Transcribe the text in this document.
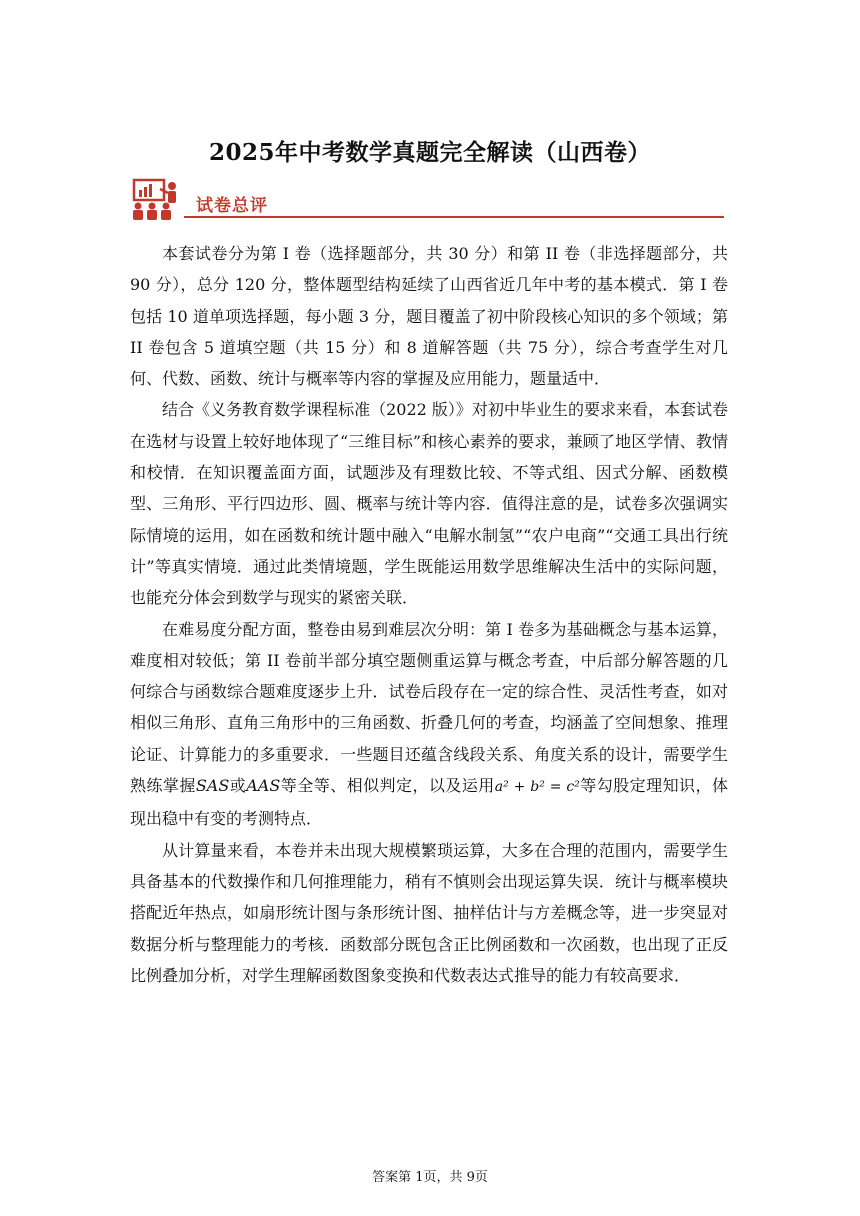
2025年中考数学真题完全解读（山西卷）
试卷总评

本套试卷分为第 I 卷（选择题部分，共 30 分）和第 II 卷（非选择题部分，共 90 分），总分 120 分，整体题型结构延续了山西省近几年中考的基本模式．第 I 卷包括 10 道单项选择题，每小题 3 分，题目覆盖了初中阶段核心知识的多个领域；第 II 卷包含 5 道填空题（共 15 分）和 8 道解答题（共 75 分），综合考查学生对几何、代数、函数、统计与概率等内容的掌握及应用能力，题量适中．

结合《义务教育数学课程标准（2022 版）》对初中毕业生的要求来看，本套试卷在选材与设置上较好地体现了“三维目标”和核心素养的要求，兼顾了地区学情、教情和校情．在知识覆盖面方面，试题涉及有理数比较、不等式组、因式分解、函数模型、三角形、平行四边形、圆、概率与统计等内容．值得注意的是，试卷多次强调实际情境的运用，如在函数和统计题中融入“电解水制氢”“农户电商”“交通工具出行统计”等真实情境．通过此类情境题，学生既能运用数学思维解决生活中的实际问题，也能充分体会到数学与现实的紧密关联．

在难易度分配方面，整卷由易到难层次分明：第 I 卷多为基础概念与基本运算，难度相对较低；第 II 卷前半部分填空题侧重运算与概念考查，中后部分解答题的几何综合与函数综合题难度逐步上升．试卷后段存在一定的综合性、灵活性考查，如对相似三角形、直角三角形中的三角函数、折叠几何的考查，均涵盖了空间想象、推理论证、计算能力的多重要求．一些题目还蕴含线段关系、角度关系的设计，需要学生熟练掌握SAS或AAS等全等、相似判定，以及运用a² + b² = c²等勾股定理知识，体现出稳中有变的考测特点．

从计算量来看，本卷并未出现大规模繁琐运算，大多在合理的范围内，需要学生具备基本的代数操作和几何推理能力，稍有不慎则会出现运算失误．统计与概率模块搭配近年热点，如扇形统计图与条形统计图、抽样估计与方差概念等，进一步突显对数据分析与整理能力的考核．函数部分既包含正比例函数和一次函数，也出现了正反比例叠加分析，对学生理解函数图象变换和代数表达式推导的能力有较高要求．

答案第 1页，共 9页
